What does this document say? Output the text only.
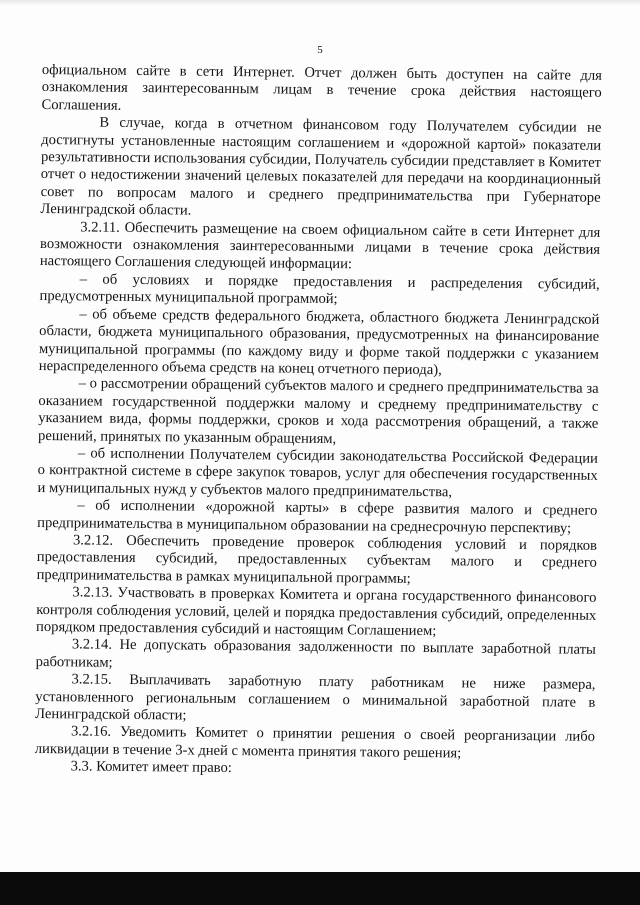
5

официальном сайте в сети Интернет. Отчет должен быть доступен на сайте для ознакомления заинтересованным лицам в течение срока действия настоящего Соглашения.

В случае, когда в отчетном финансовом году Получателем субсидии не достигнуты установленные настоящим соглашением и «дорожной картой» показатели результативности использования субсидии, Получатель субсидии представляет в Комитет отчет о недостижении значений целевых показателей для передачи на координационный совет по вопросам малого и среднего предпринимательства при Губернаторе Ленинградской области.

3.2.11. Обеспечить размещение на своем официальном сайте в сети Интернет для возможности ознакомления заинтересованными лицами в течение срока действия настоящего Соглашения следующей информации:

– об условиях и порядке предоставления и распределения субсидий, предусмотренных муниципальной программой;

– об объеме средств федерального бюджета, областного бюджета Ленинградской области, бюджета муниципального образования, предусмотренных на финансирование муниципальной программы (по каждому виду и форме такой поддержки с указанием нераспределенного объема средств на конец отчетного периода),

– о рассмотрении обращений субъектов малого и среднего предпринимательства за оказанием государственной поддержки малому и среднему предпринимательству с указанием вида, формы поддержки, сроков и хода рассмотрения обращений, а также решений, принятых по указанным обращениям,

– об исполнении Получателем субсидии законодательства Российской Федерации о контрактной системе в сфере закупок товаров, услуг для обеспечения государственных и муниципальных нужд у субъектов малого предпринимательства,

– об исполнении «дорожной карты» в сфере развития малого и среднего предпринимательства в муниципальном образовании на среднесрочную перспективу;

3.2.12. Обеспечить проведение проверок соблюдения условий и порядков предоставления субсидий, предоставленных субъектам малого и среднего предпринимательства в рамках муниципальной программы;

3.2.13. Участвовать в проверках Комитета и органа государственного финансового контроля соблюдения условий, целей и порядка предоставления субсидий, определенных порядком предоставления субсидий и настоящим Соглашением;

3.2.14. Не допускать образования задолженности по выплате заработной платы работникам;

3.2.15. Выплачивать заработную плату работникам не ниже размера, установленного региональным соглашением о минимальной заработной плате в Ленинградской области;

3.2.16. Уведомить Комитет о принятии решения о своей реорганизации либо ликвидации в течение 3-х дней с момента принятия такого решения;

3.3. Комитет имеет право:
